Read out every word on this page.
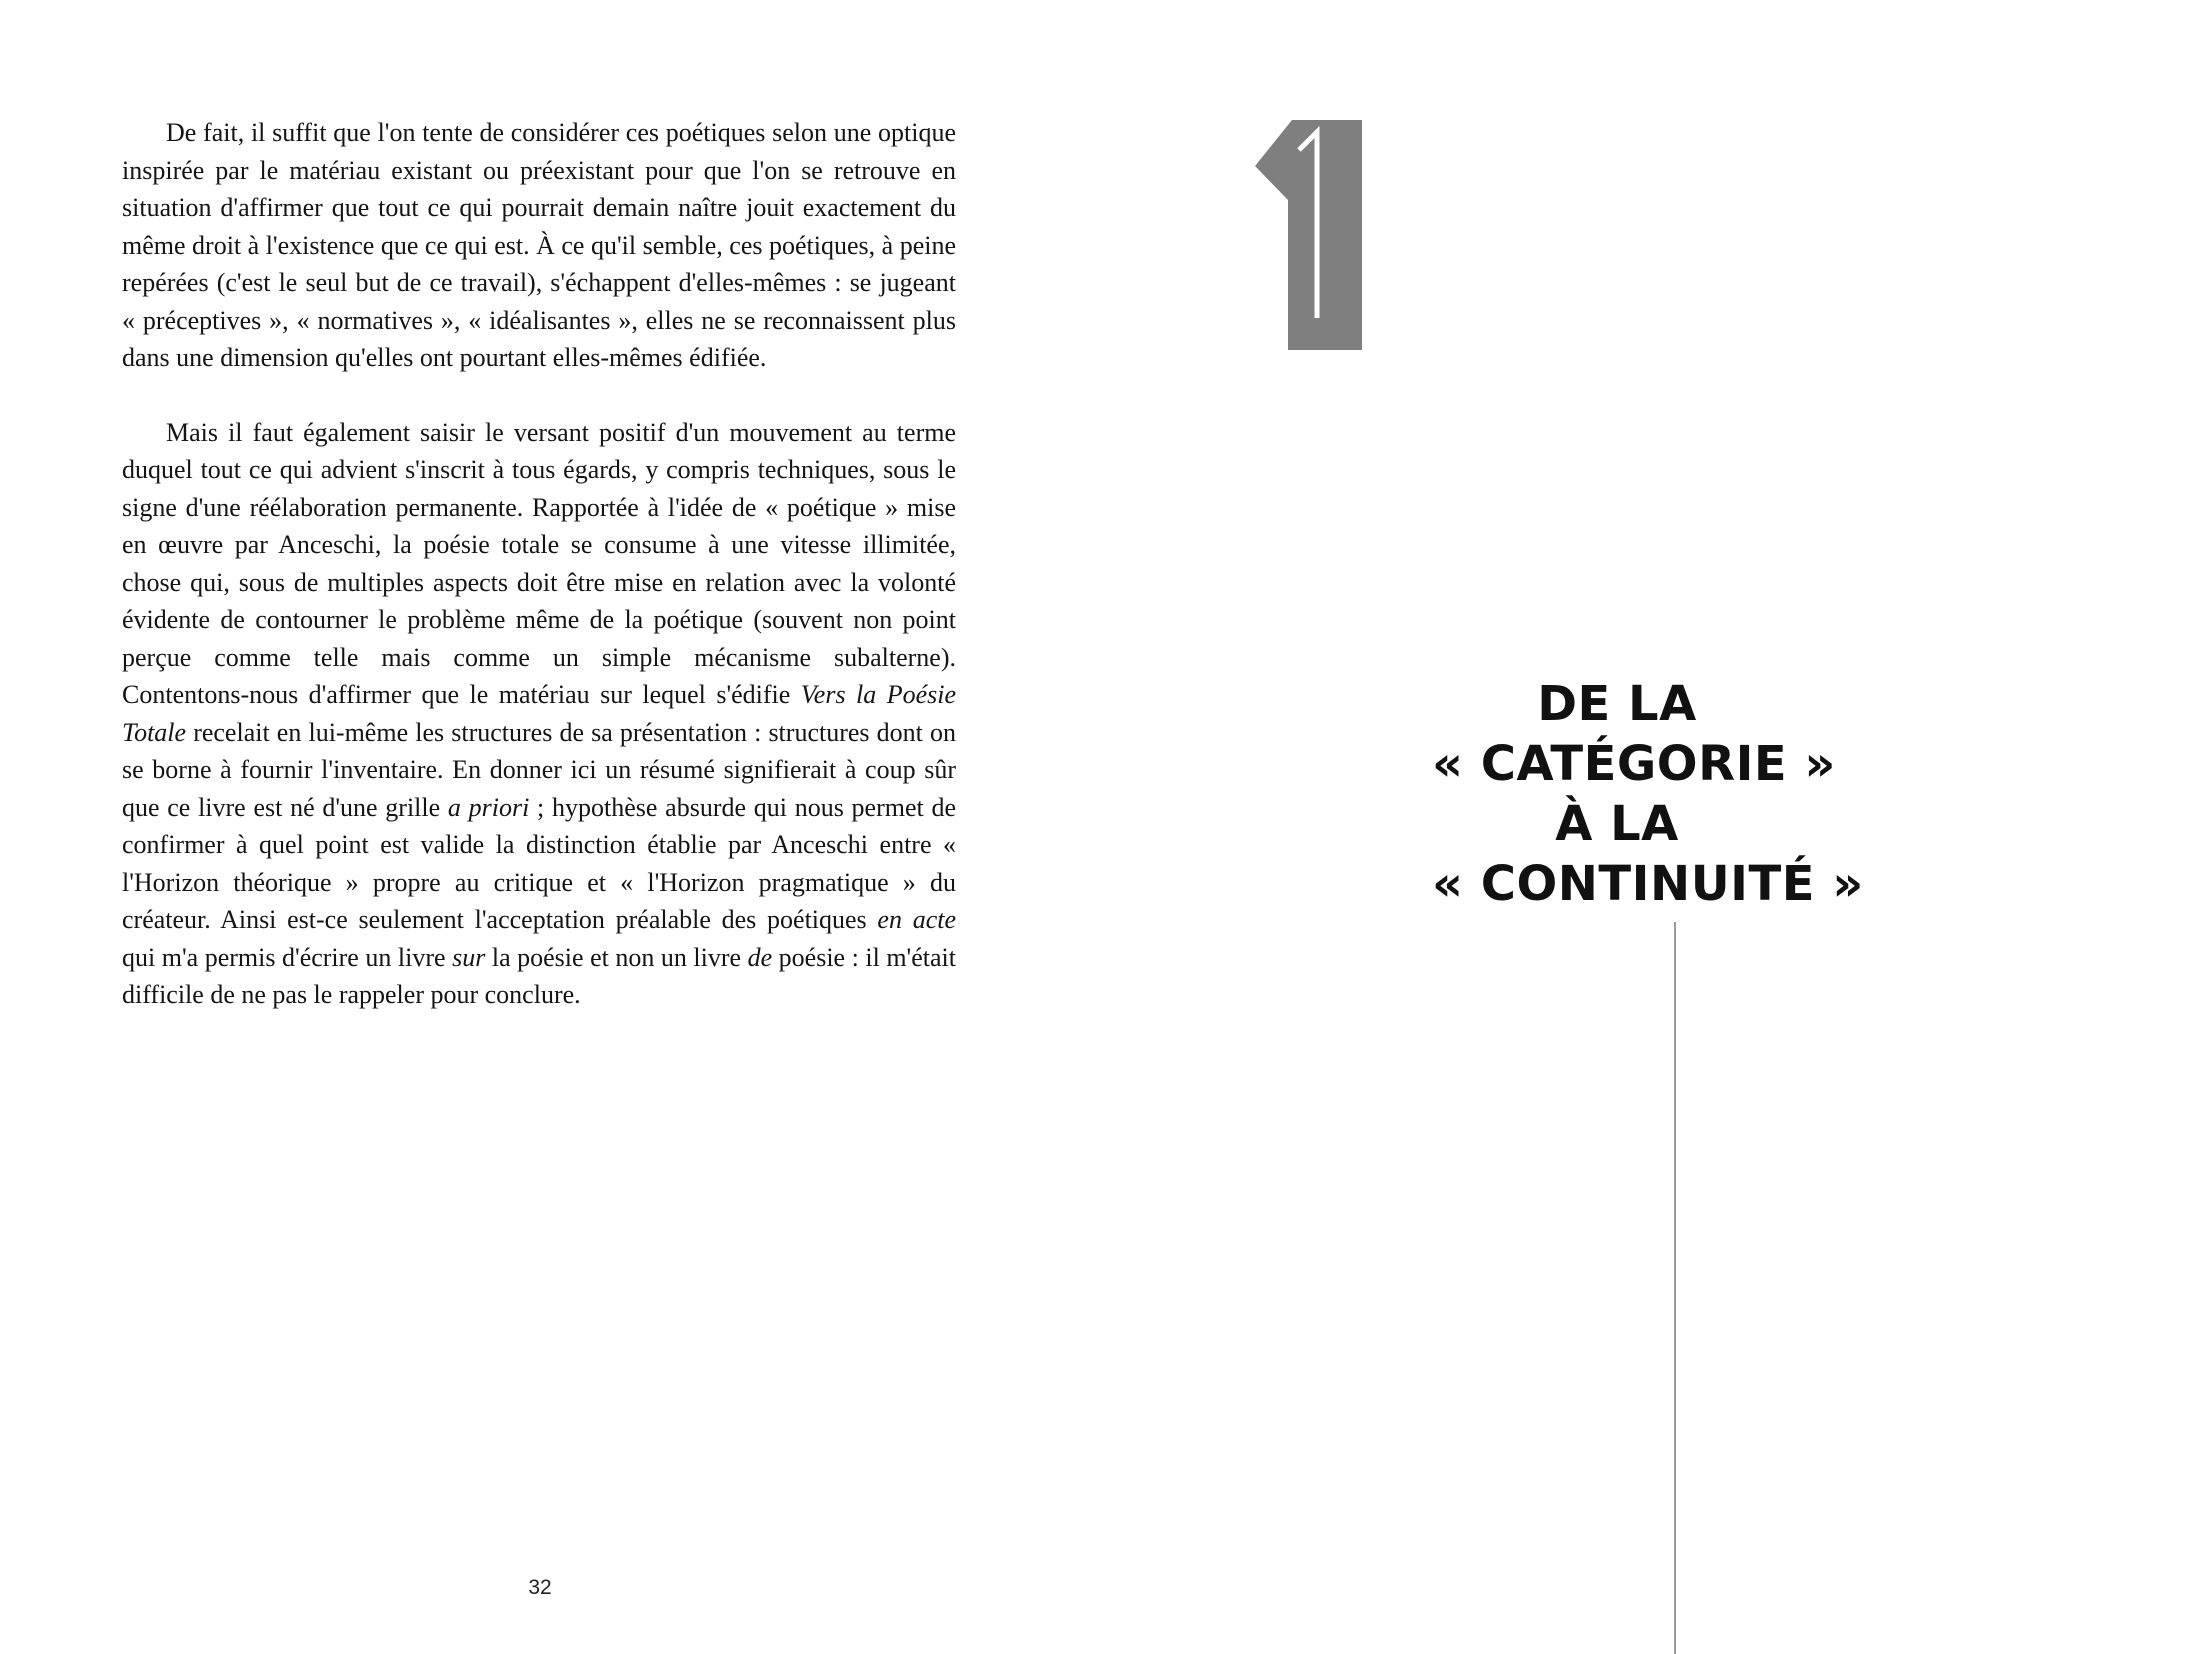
De fait, il suffit que l'on tente de considérer ces poétiques selon une optique inspirée par le matériau existant ou préexistant pour que l'on se retrouve en situation d'affirmer que tout ce qui pourrait demain naître jouit exactement du même droit à l'existence que ce qui est. À ce qu'il semble, ces poétiques, à peine repérées (c'est le seul but de ce travail), s'échappent d'elles-mêmes : se jugeant « préceptives », « normatives », « idéalisantes », elles ne se reconnaissent plus dans une dimension qu'elles ont pourtant elles-mêmes édifiée.

Mais il faut également saisir le versant positif d'un mouvement au terme duquel tout ce qui advient s'inscrit à tous égards, y compris techniques, sous le signe d'une réélaboration permanente. Rapportée à l'idée de « poétique » mise en œuvre par Anceschi, la poésie totale se consume à une vitesse illimitée, chose qui, sous de multiples aspects doit être mise en relation avec la volonté évidente de contourner le problème même de la poétique (souvent non point perçue comme telle mais comme un simple mécanisme subalterne). Contentons-nous d'affirmer que le matériau sur lequel s'édifie Vers la Poésie Totale recelait en lui-même les structures de sa présentation : structures dont on se borne à fournir l'inventaire. En donner ici un résumé signifierait à coup sûr que ce livre est né d'une grille a priori ; hypothèse absurde qui nous permet de confirmer à quel point est valide la distinction établie par Anceschi entre « l'Horizon théorique » propre au critique et « l'Horizon pragmatique » du créateur. Ainsi est-ce seulement l'acceptation préalable des poétiques en acte qui m'a permis d'écrire un livre sur la poésie et non un livre de poésie : il m'était difficile de ne pas le rappeler pour conclure.

32
DE LA
« CATÉGORIE »
À LA
« CONTINUITÉ »
